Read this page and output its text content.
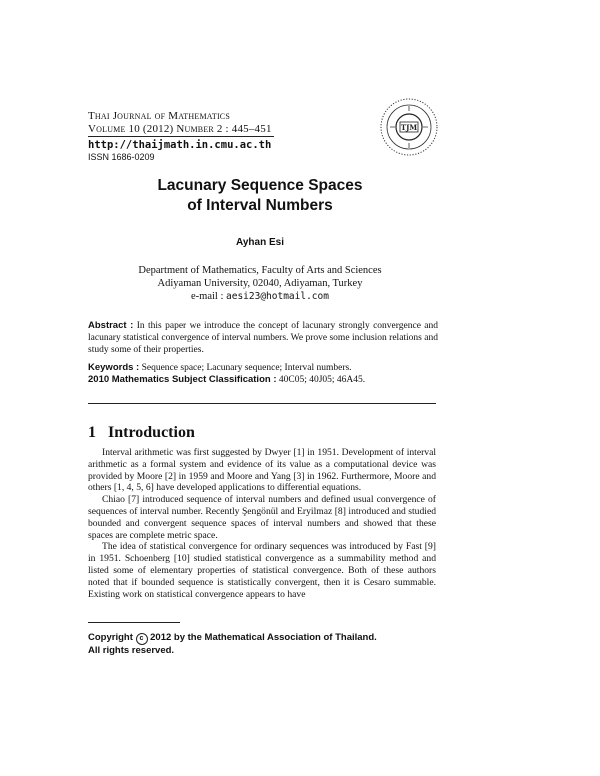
Thai Journal of Mathematics
Volume 10 (2012) Number 2 : 445–451
http://thaijmath.in.cmu.ac.th
ISSN 1686-0209
TJM
Lacunary Sequence Spaces
of Interval Numbers
Ayhan Esi
Department of Mathematics, Faculty of Arts and Sciences
Adiyaman University, 02040, Adiyaman, Turkey
e-mail : aesi23@hotmail.com
Abstract : In this paper we introduce the concept of lacunary strongly convergence and lacunary statistical convergence of interval numbers. We prove some inclusion relations and study some of their properties.
Keywords : Sequence space; Lacunary sequence; Interval numbers.
2010 Mathematics Subject Classification : 40C05; 40J05; 46A45.
1 Introduction

Interval arithmetic was first suggested by Dwyer [1] in 1951. Development of interval arithmetic as a formal system and evidence of its value as a computational device was provided by Moore [2] in 1959 and Moore and Yang [3] in 1962. Furthermore, Moore and others [1, 4, 5, 6] have developed applications to differential equations.

Chiao [7] introduced sequence of interval numbers and defined usual convergence of sequences of interval number. Recently Şengönül and Eryilmaz [8] introduced and studied bounded and convergent sequence spaces of interval numbers and showed that these spaces are complete metric space.

The idea of statistical convergence for ordinary sequences was introduced by Fast [9] in 1951. Schoenberg [10] studied statistical convergence as a summability method and listed some of elementary properties of statistical convergence. Both of these authors noted that if bounded sequence is statistically convergent, then it is Cesaro summable. Existing work on statistical convergence appears to have

Copyright c 2012 by the Mathematical Association of Thailand.
All rights reserved.
